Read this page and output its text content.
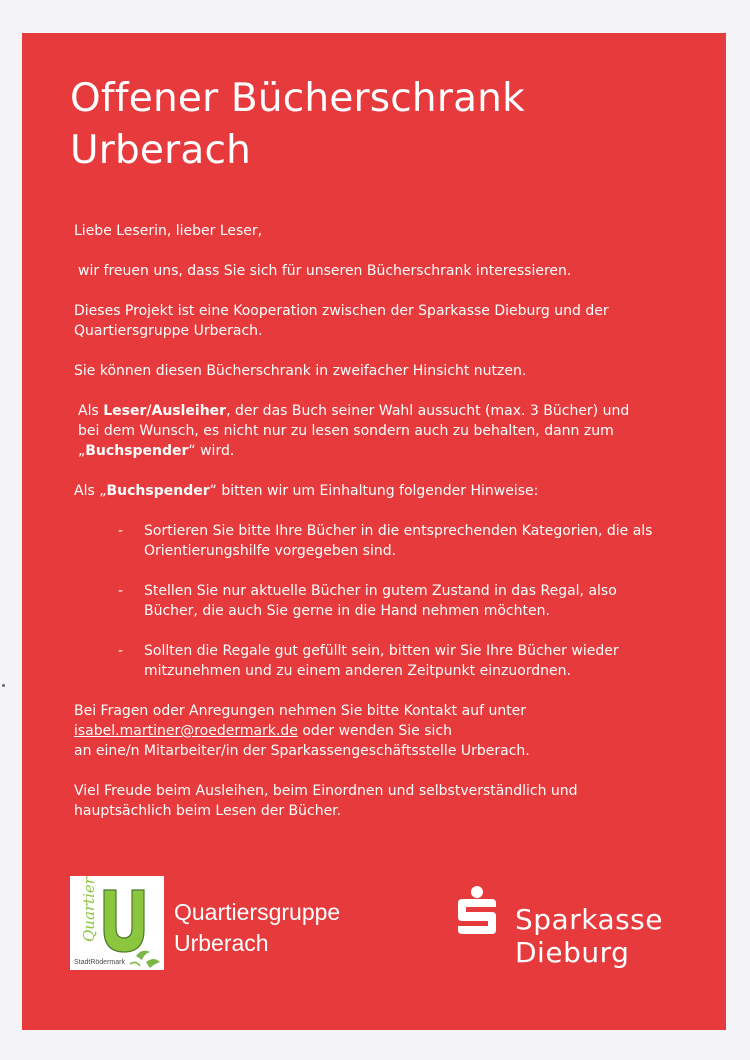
Offener Bücherschrank
Urberach

Liebe Leserin, lieber Leser,

wir freuen uns, dass Sie sich für unseren Bücherschrank interessieren.

Dieses Projekt ist eine Kooperation zwischen der Sparkasse Dieburg und der Quartiersgruppe Urberach.

Sie können diesen Bücherschrank in zweifacher Hinsicht nutzen.

Als Leser/Ausleiher, der das Buch seiner Wahl aussucht (max. 3 Bücher) und bei dem Wunsch, es nicht nur zu lesen sondern auch zu behalten, dann zum „Buchspender“ wird.

Als „Buchspender“ bitten wir um Einhaltung folgender Hinweise:

- Sortieren Sie bitte Ihre Bücher in die entsprechenden Kategorien, die als Orientierungshilfe vorgegeben sind.
- Stellen Sie nur aktuelle Bücher in gutem Zustand in das Regal, also Bücher, die auch Sie gerne in die Hand nehmen möchten.
- Sollten die Regale gut gefüllt sein, bitten wir Sie Ihre Bücher wieder mitzunehmen und zu einem anderen Zeitpunkt einzuordnen.

Bei Fragen oder Anregungen nehmen Sie bitte Kontakt auf unter
isabel.martiner@roedermark.de oder wenden Sie sich
an eine/n Mitarbeiter/in der Sparkassengeschäftsstelle Urberach.

Viel Freude beim Ausleihen, beim Einordnen und selbstverständlich und hauptsächlich beim Lesen der Bücher.

Quartier
StadtRödermark
Quartiersgruppe
Urberach
Sparkasse
Dieburg
